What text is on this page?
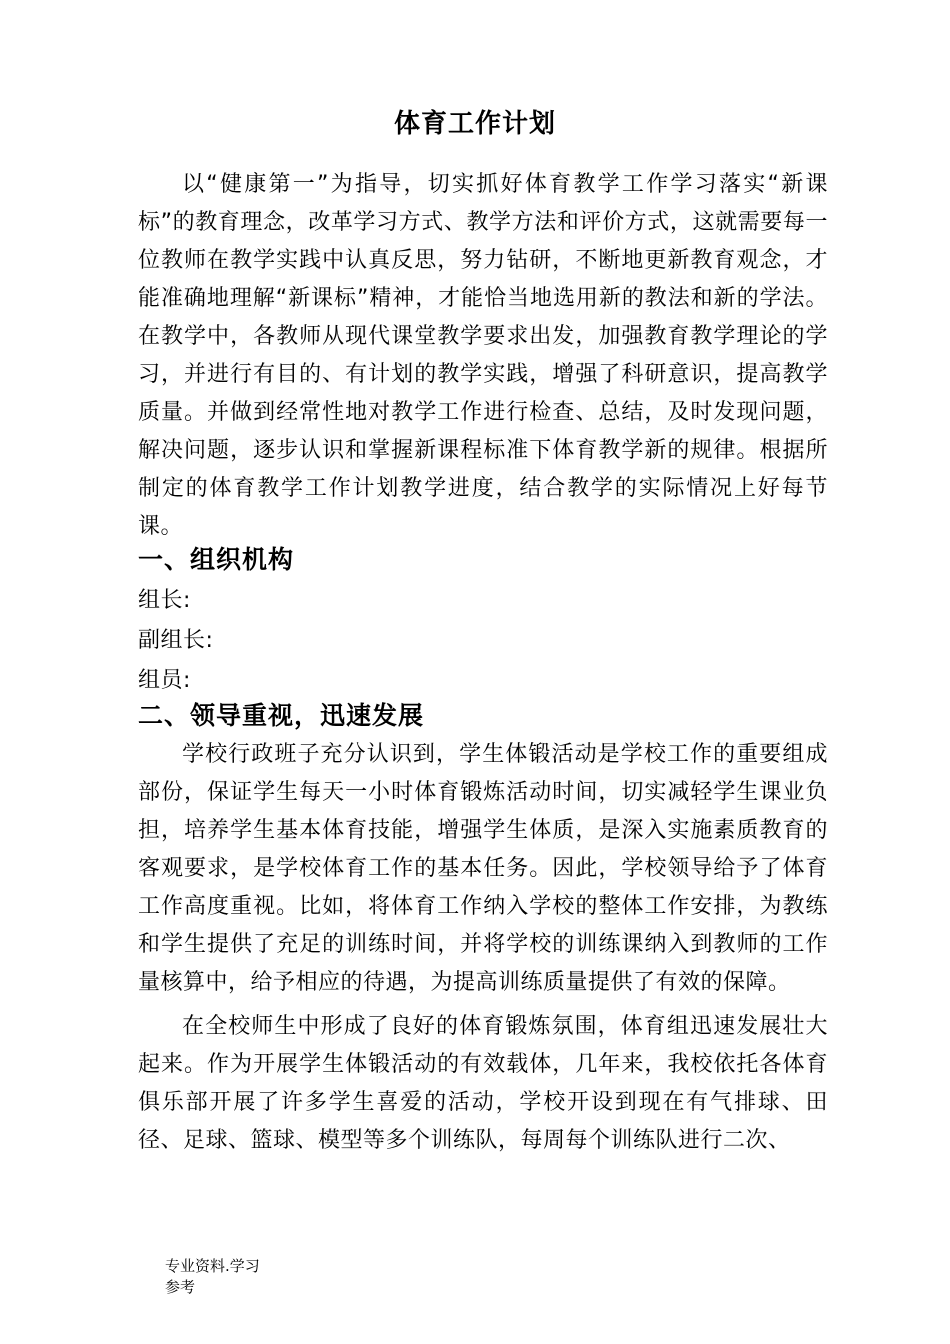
体育工作计划

以“健康第一”为指导，切实抓好体育教学工作学习落实“新课标”的教育理念，改革学习方式、教学方法和评价方式，这就需要每一位教师在教学实践中认真反思，努力钻研，不断地更新教育观念，才能准确地理解“新课标”精神，才能恰当地选用新的教法和新的学法。在教学中，各教师从现代课堂教学要求出发，加强教育教学理论的学习，并进行有目的、有计划的教学实践，增强了科研意识，提高教学质量。并做到经常性地对教学工作进行检查、总结，及时发现问题，解决问题，逐步认识和掌握新课程标准下体育教学新的规律。根据所制定的体育教学工作计划教学进度，结合教学的实际情况上好每节课。

一、组织机构

组长:

副组长:

组员:

二、领导重视，迅速发展

学校行政班子充分认识到，学生体锻活动是学校工作的重要组成部份，保证学生每天一小时体育锻炼活动时间，切实减轻学生课业负担，培养学生基本体育技能，增强学生体质，是深入实施素质教育的客观要求，是学校体育工作的基本任务。因此，学校领导给予了体育工作高度重视。比如，将体育工作纳入学校的整体工作安排，为教练和学生提供了充足的训练时间，并将学校的训练课纳入到教师的工作量核算中，给予相应的待遇，为提高训练质量提供了有效的保障。

在全校师生中形成了良好的体育锻炼氛围，体育组迅速发展壮大起来。作为开展学生体锻活动的有效载体，几年来，我校依托各体育俱乐部开展了许多学生喜爱的活动，学校开设到现在有气排球、田径、足球、篮球、模型等多个训练队，每周每个训练队进行二次、

专业资料.学习
参考
